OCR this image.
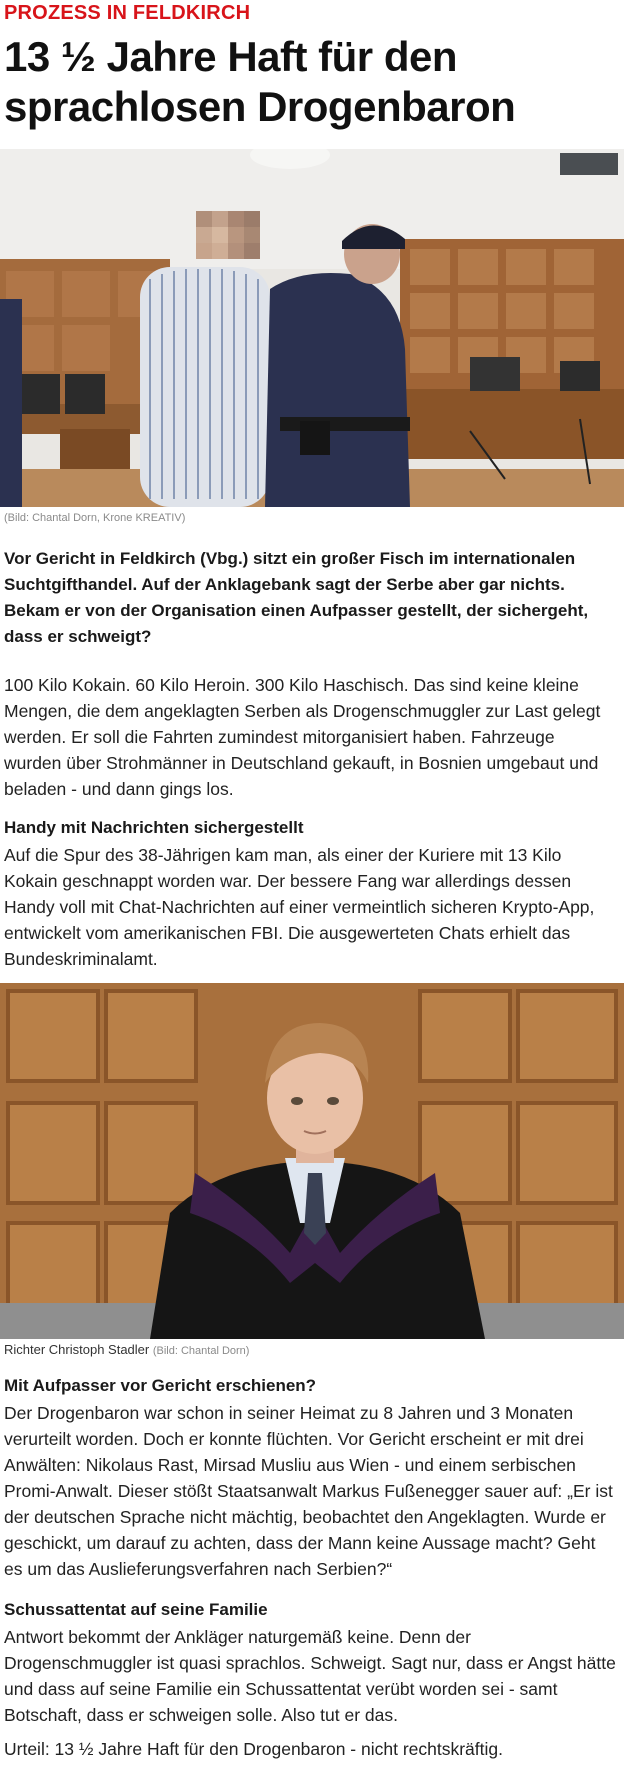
PROZESS IN FELDKIRCH
13 ½ Jahre Haft für den sprachlosen Drogenbaron
(Bild: Chantal Dorn, Krone KREATIV)

Vor Gericht in Feldkirch (Vbg.) sitzt ein großer Fisch im internationalen Suchtgifthandel. Auf der Anklagebank sagt der Serbe aber gar nichts. Bekam er von der Organisation einen Aufpasser gestellt, der sichergeht, dass er schweigt?

100 Kilo Kokain. 60 Kilo Heroin. 300 Kilo Haschisch. Das sind keine kleine Mengen, die dem angeklagten Serben als Drogenschmuggler zur Last gelegt werden. Er soll die Fahrten zumindest mitorganisiert haben. Fahrzeuge wurden über Strohmänner in Deutschland gekauft, in Bosnien umgebaut und beladen - und dann gings los.

Handy mit Nachrichten sichergestellt

Auf die Spur des 38-Jährigen kam man, als einer der Kuriere mit 13 Kilo Kokain geschnappt worden war. Der bessere Fang war allerdings dessen Handy voll mit Chat-Nachrichten auf einer vermeintlich sicheren Krypto-App, entwickelt vom amerikanischen FBI. Die ausgewerteten Chats erhielt das Bundeskriminalamt.

Richter Christoph Stadler (Bild: Chantal Dorn)
Mit Aufpasser vor Gericht erschienen?

Der Drogenbaron war schon in seiner Heimat zu 8 Jahren und 3 Monaten verurteilt worden. Doch er konnte flüchten. Vor Gericht erscheint er mit drei Anwälten: Nikolaus Rast, Mirsad Musliu aus Wien - und einem serbischen Promi-Anwalt. Dieser stößt Staatsanwalt Markus Fußenegger sauer auf: „Er ist der deutschen Sprache nicht mächtig, beobachtet den Angeklagten. Wurde er geschickt, um darauf zu achten, dass der Mann keine Aussage macht? Geht es um das Auslieferungsverfahren nach Serbien?“

Schussattentat auf seine Familie

Antwort bekommt der Ankläger naturgemäß keine. Denn der Drogenschmuggler ist quasi sprachlos. Schweigt. Sagt nur, dass er Angst hätte und dass auf seine Familie ein Schussattentat verübt worden sei - samt Botschaft, dass er schweigen solle. Also tut er das.

Urteil: 13 ½ Jahre Haft für den Drogenbaron - nicht rechtskräftig.
